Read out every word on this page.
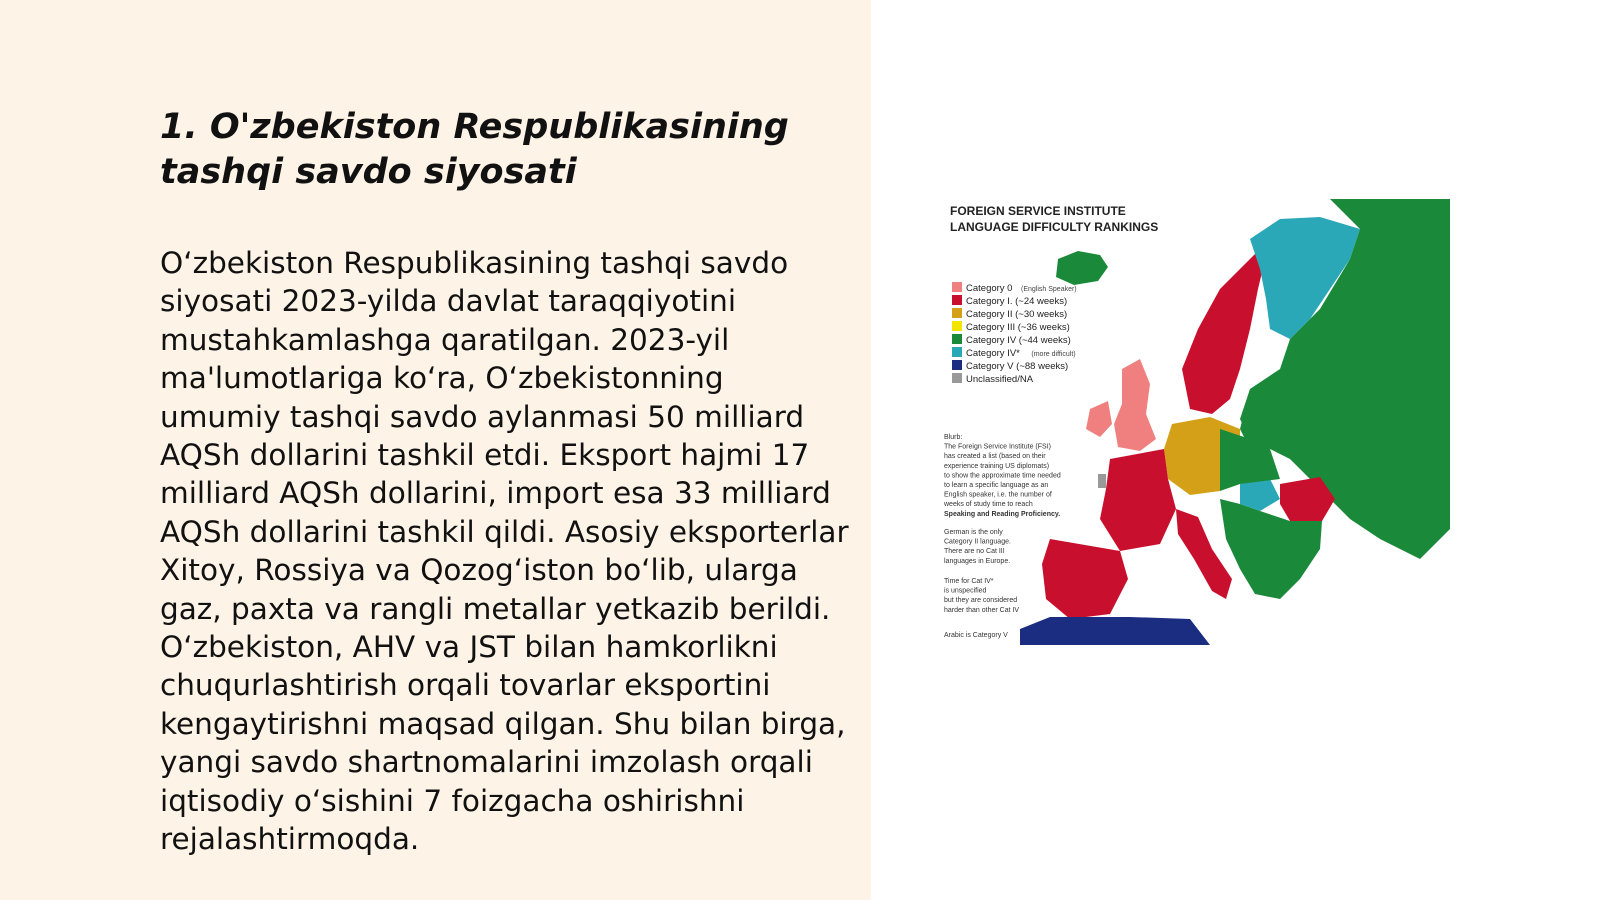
1. O'zbekiston Respublikasining tashqi savdo siyosati

O‘zbekiston Respublikasining tashqi savdo siyosati 2023-yilda davlat taraqqiyotini mustahkamlashga qaratilgan. 2023-yil ma'lumotlariga ko‘ra, O‘zbekistonning umumiy tashqi savdo aylanmasi 50 milliard AQSh dollarini tashkil etdi. Eksport hajmi 17 milliard AQSh dollarini, import esa 33 milliard AQSh dollarini tashkil qildi. Asosiy eksporterlar Xitoy, Rossiya va Qozog‘iston bo‘lib, ularga gaz, paxta va rangli metallar yetkazib berildi. O‘zbekiston, AHV va JST bilan hamkorlikni chuqurlashtirish orqali tovarlar eksportini kengaytirishni maqsad qilgan. Shu bilan birga, yangi savdo shartnomalarini imzolash orqali iqtisodiy o‘sishini 7 foizgacha oshirishni rejalashtirmoqda.

FOREIGN SERVICE INSTITUTE
LANGUAGE DIFFICULTY RANKINGS
Category 0 (English Speaker)
Category I. (~24 weeks)
Category II (~30 weeks)
Category III (~36 weeks)
Category IV (~44 weeks)
Category IV* (more difficult)
Category V (~88 weeks)
Unclassified/NA
Blurb:
The Foreign Service Institute (FSI)
has created a list (based on their
experience training US diplomats)
to show the approximate time needed
to learn a specific language as an
English speaker, i.e. the number of
weeks of study time to reach
Speaking and Reading Proficiency.
German is the only
Category II language.
There are no Cat III
languages in Europe.
Time for Cat IV*
is unspecified
but they are considered
harder than other Cat IV
Arabic is Category V
